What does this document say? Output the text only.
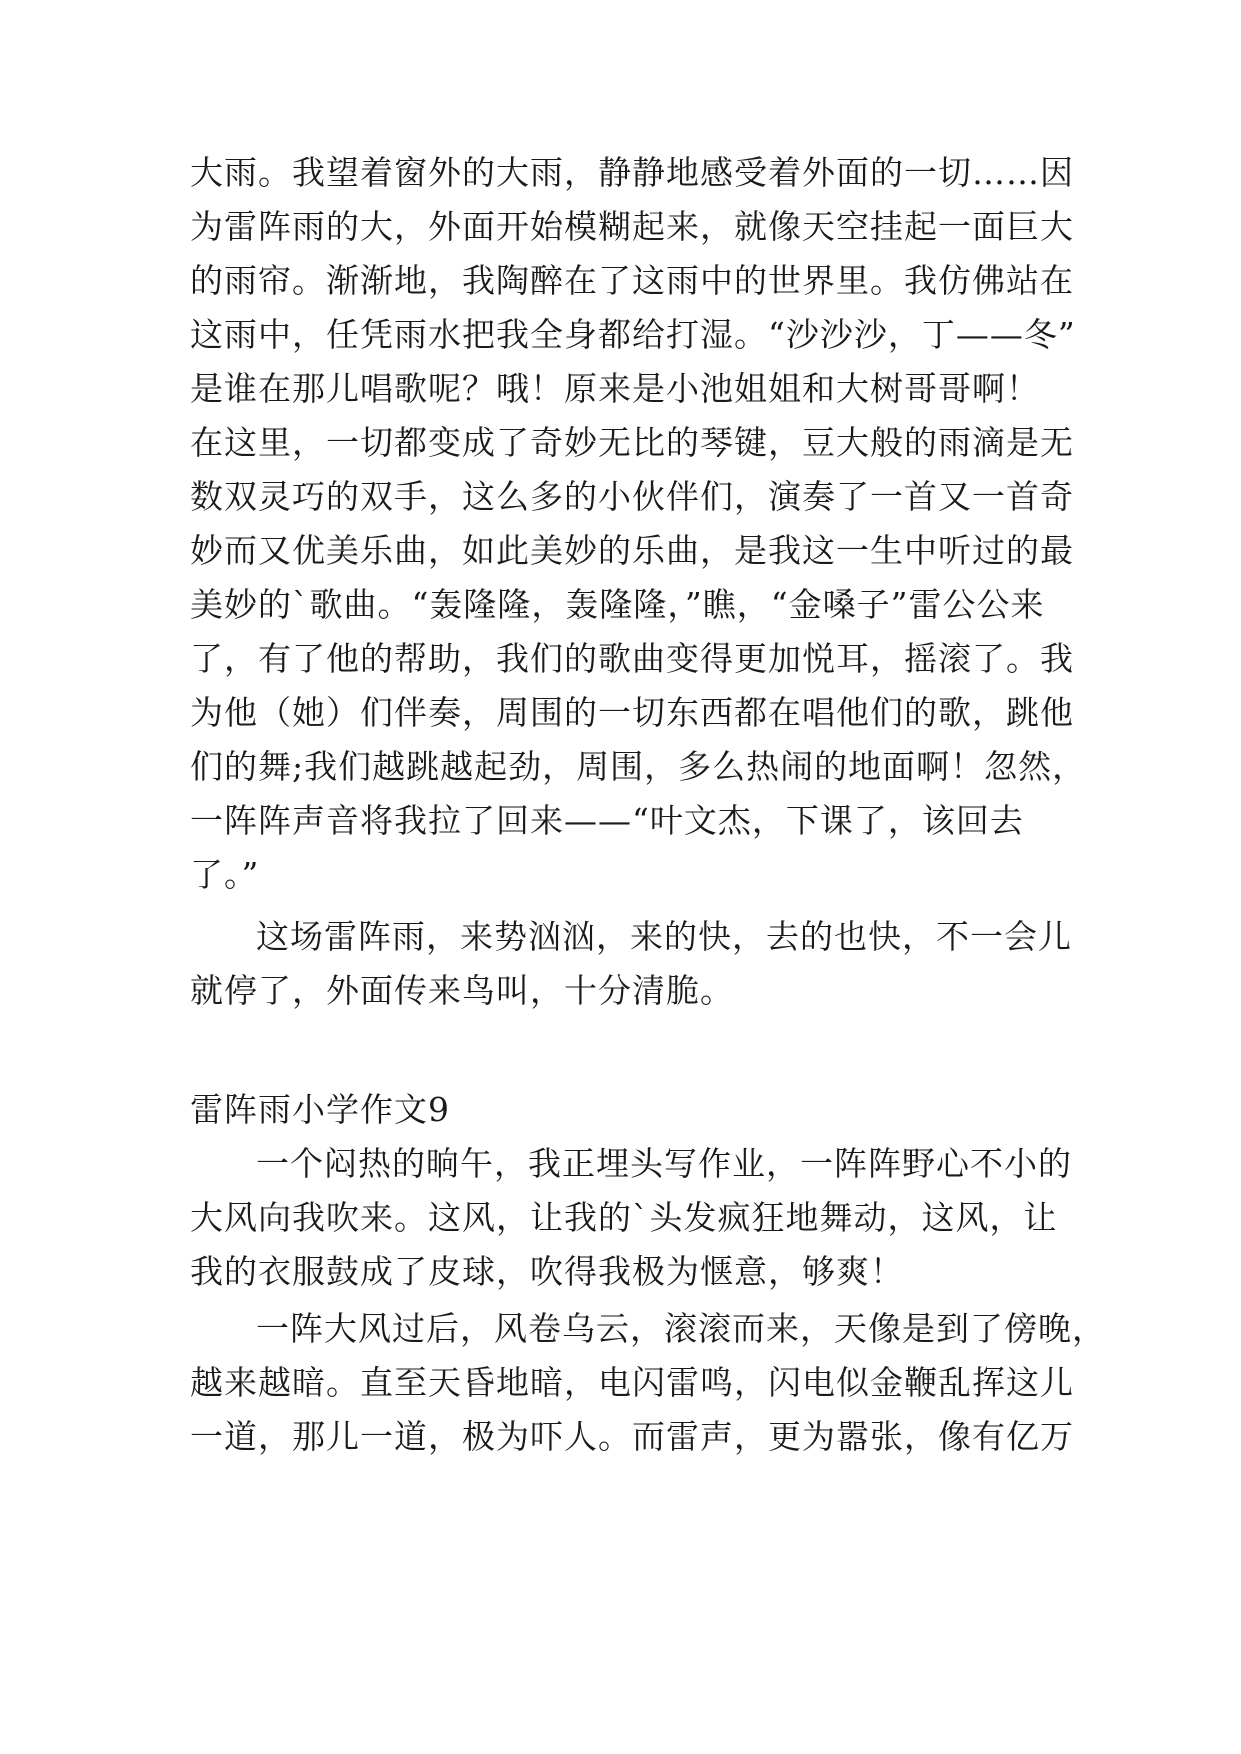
大雨。我望着窗外的大雨，静静地感受着外面的一切……因
为雷阵雨的大，外面开始模糊起来，就像天空挂起一面巨大
的雨帘。渐渐地，我陶醉在了这雨中的世界里。我仿佛站在
这雨中，任凭雨水把我全身都给打湿。“沙沙沙，丁——冬”
是谁在那儿唱歌呢？哦！原来是小池姐姐和大树哥哥啊！
在这里，一切都变成了奇妙无比的琴键，豆大般的雨滴是无
数双灵巧的双手，这么多的小伙伴们，演奏了一首又一首奇
妙而又优美乐曲，如此美妙的乐曲，是我这一生中听过的最
美妙的`歌曲。“轰隆隆，轰隆隆，”瞧，“金嗓子”雷公公来
了，有了他的帮助，我们的歌曲变得更加悦耳，摇滚了。我
为他（她）们伴奏，周围的一切东西都在唱他们的歌，跳他
们的舞;我们越跳越起劲，周围，多么热闹的地面啊！忽然，
一阵阵声音将我拉了回来——“叶文杰，下课了，该回去
了。”
这场雷阵雨，来势汹汹，来的快，去的也快，不一会儿
就停了，外面传来鸟叫，十分清脆。
雷阵雨小学作文9
一个闷热的晌午，我正埋头写作业，一阵阵野心不小的
大风向我吹来。这风，让我的`头发疯狂地舞动，这风，让
我的衣服鼓成了皮球，吹得我极为惬意，够爽！
一阵大风过后，风卷乌云，滚滚而来，天像是到了傍晚，
越来越暗。直至天昏地暗，电闪雷鸣，闪电似金鞭乱挥这儿
一道，那儿一道，极为吓人。而雷声，更为嚣张，像有亿万
